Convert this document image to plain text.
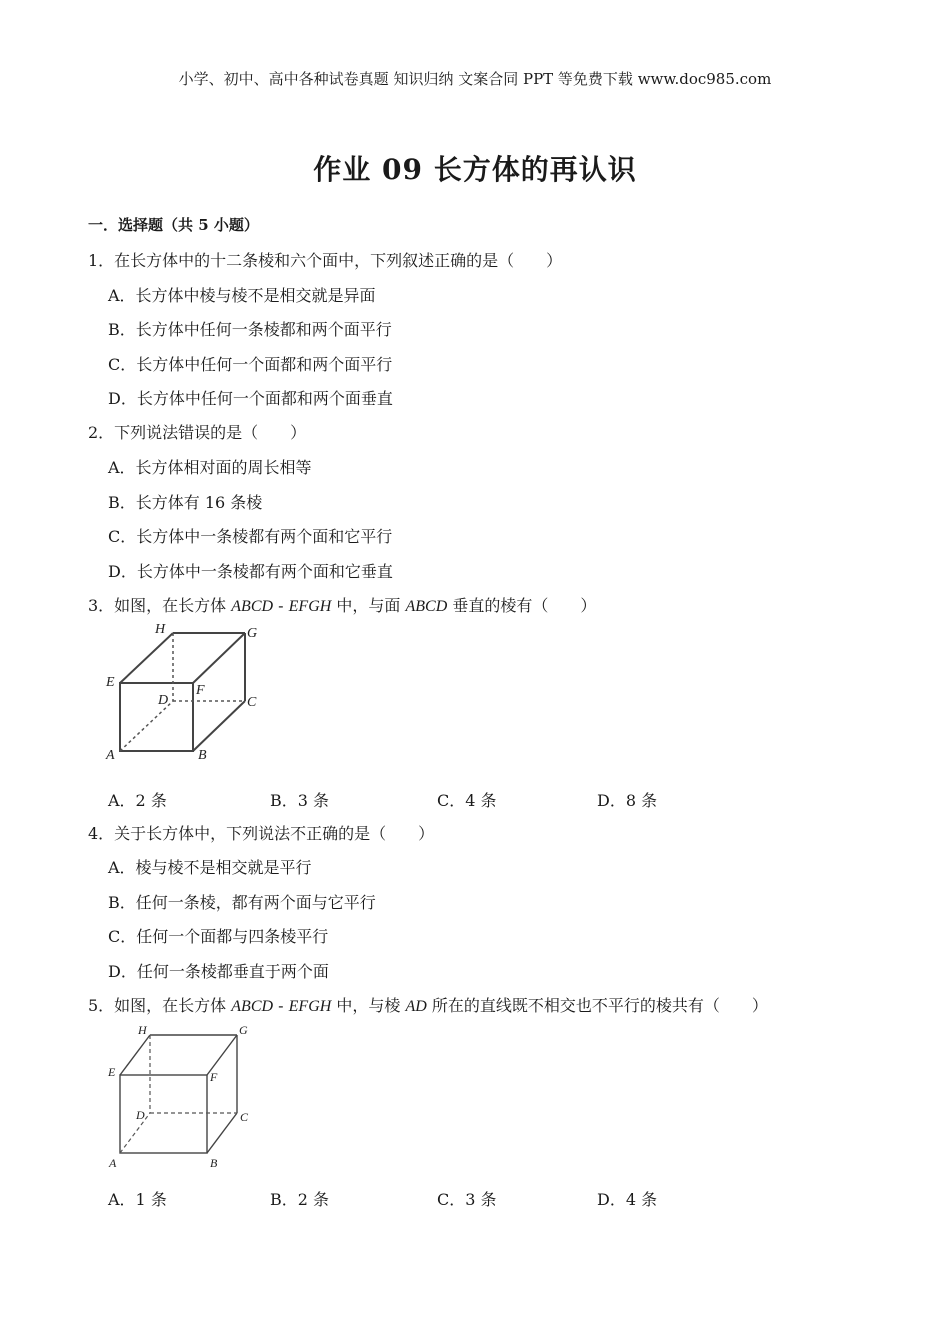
小学、初中、高中各种试卷真题 知识归纳 文案合同 PPT 等免费下载 www.doc985.com
作业 09 长方体的再认识
一．选择题（共 5 小题）
1．在长方体中的十二条棱和六个面中，下列叙述正确的是（　　）
A．长方体中棱与棱不是相交就是异面
B．长方体中任何一条棱都和两个面平行
C．长方体中任何一个面都和两个面平行
D．长方体中任何一个面都和两个面垂直
2．下列说法错误的是（　　）
A．长方体相对面的周长相等
B．长方体有 16 条棱
C．长方体中一条棱都有两个面和它平行
D．长方体中一条棱都有两个面和它垂直
3．如图，在长方体 ABCD - EFGH 中，与面 ABCD 垂直的棱有（　　）
H	G
E
F
D	C
A	B
A．2 条	B．3 条	C．4 条	D．8 条
4．关于长方体中，下列说法不正确的是（　　）
A．棱与棱不是相交就是平行
B．任何一条棱，都有两个面与它平行
C．任何一个面都与四条棱平行
D．任何一条棱都垂直于两个面
5．如图，在长方体 ABCD - EFGH 中，与棱 AD 所在的直线既不相交也不平行的棱共有（　　）
H	G
E	F
D	C
A	B
A．1 条	B．2 条	C．3 条	D．4 条
